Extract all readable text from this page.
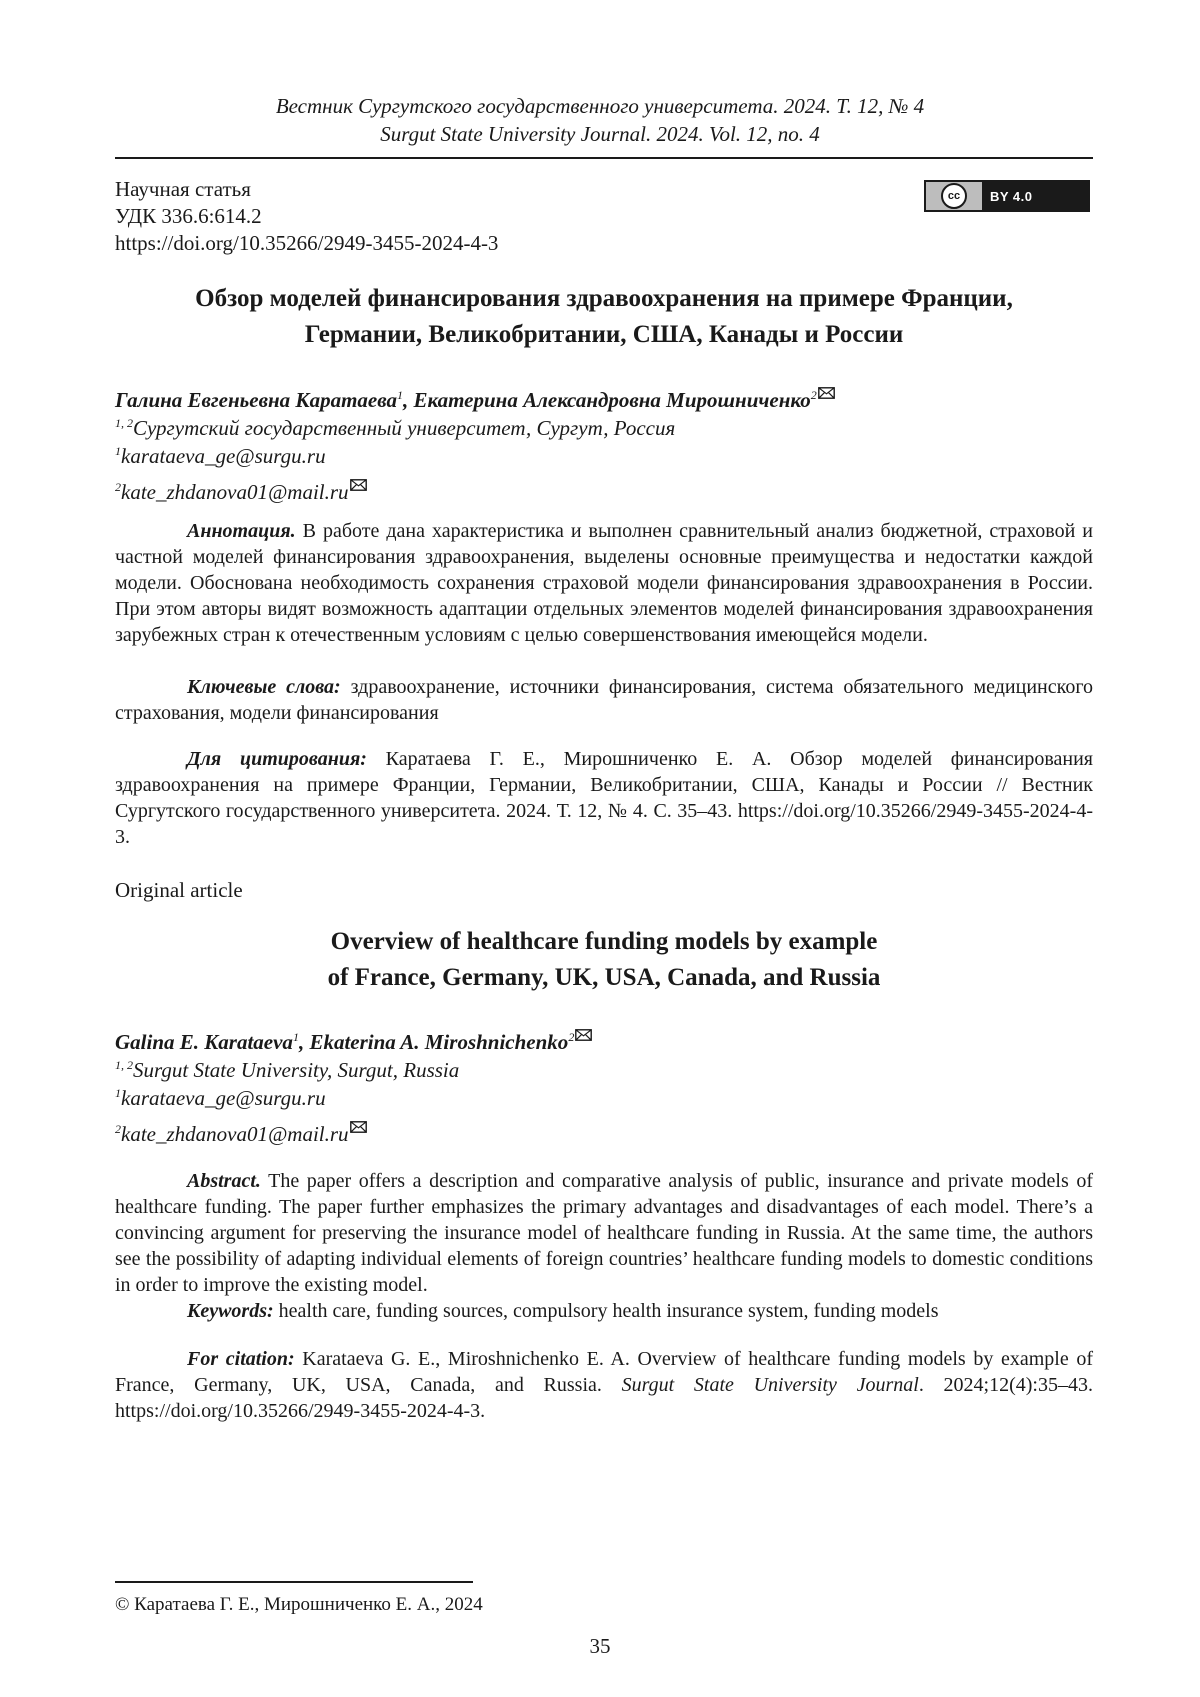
Вестник Сургутского государственного университета. 2024. Т. 12, № 4
Surgut State University Journal. 2024. Vol. 12, no. 4
Научная статья
УДК 336.6:614.2
https://doi.org/10.35266/2949-3455-2024-4-3
cc	BY 4.0
Обзор моделей финансирования здравоохранения на примере Франции,
Германии, Великобритании, США, Канады и России
Галина Евгеньевна Каратаева$^1$, Екатерина Александровна Мирошниченко$^2$
$^{1, 2}$Сургутский государственный университет, Сургут, Россия
$^1$karataeva_ge@surgu.ru
$^2$kate_zhdanova01@mail.ru
Аннотация. В работе дана характеристика и выполнен сравнительный анализ бюджетной, страховой и частной моделей финансирования здравоохранения, выделены основные преимущества и недостатки каждой модели. Обоснована необходимость сохранения страховой модели финансирования здравоохранения в России. При этом авторы видят возможность адаптации отдельных элементов моделей финансирования здравоохранения зарубежных стран к отечественным условиям с целью совершенствования имеющейся модели.
Ключевые слова: здравоохранение, источники финансирования, система обязательного медицинского страхования, модели финансирования
Для цитирования: Каратаева Г. Е., Мирошниченко Е. А. Обзор моделей финансирования здравоохранения на примере Франции, Германии, Великобритании, США, Канады и России // Вестник Сургутского государственного университета. 2024. Т. 12, № 4. С. 35–43. https://doi.org/10.35266/2949-3455-2024-4-3.
Original article
Overview of healthcare funding models by example
of France, Germany, UK, USA, Canada, and Russia
Galina E. Karataeva$^1$, Ekaterina A. Miroshnichenko$^2$
$^{1, 2}$Surgut State University, Surgut, Russia
$^1$karataeva_ge@surgu.ru
$^2$kate_zhdanova01@mail.ru
Abstract. The paper offers a description and comparative analysis of public, insurance and private models of healthcare funding. The paper further emphasizes the primary advantages and disadvantages of each model. There’s a convincing argument for preserving the insurance model of healthcare funding in Russia. At the same time, the authors see the possibility of adapting individual elements of foreign countries’ healthcare funding models to domestic conditions in order to improve the existing model.
Keywords: health care, funding sources, compulsory health insurance system, funding models
For citation: Karataeva G. E., Miroshnichenko E. A. Overview of healthcare funding models by example of France, Germany, UK, USA, Canada, and Russia. Surgut State University Journal. 2024;12(4):35–43. https://doi.org/10.35266/2949-3455-2024-4-3.
© Каратаева Г. Е., Мирошниченко Е. А., 2024
35
